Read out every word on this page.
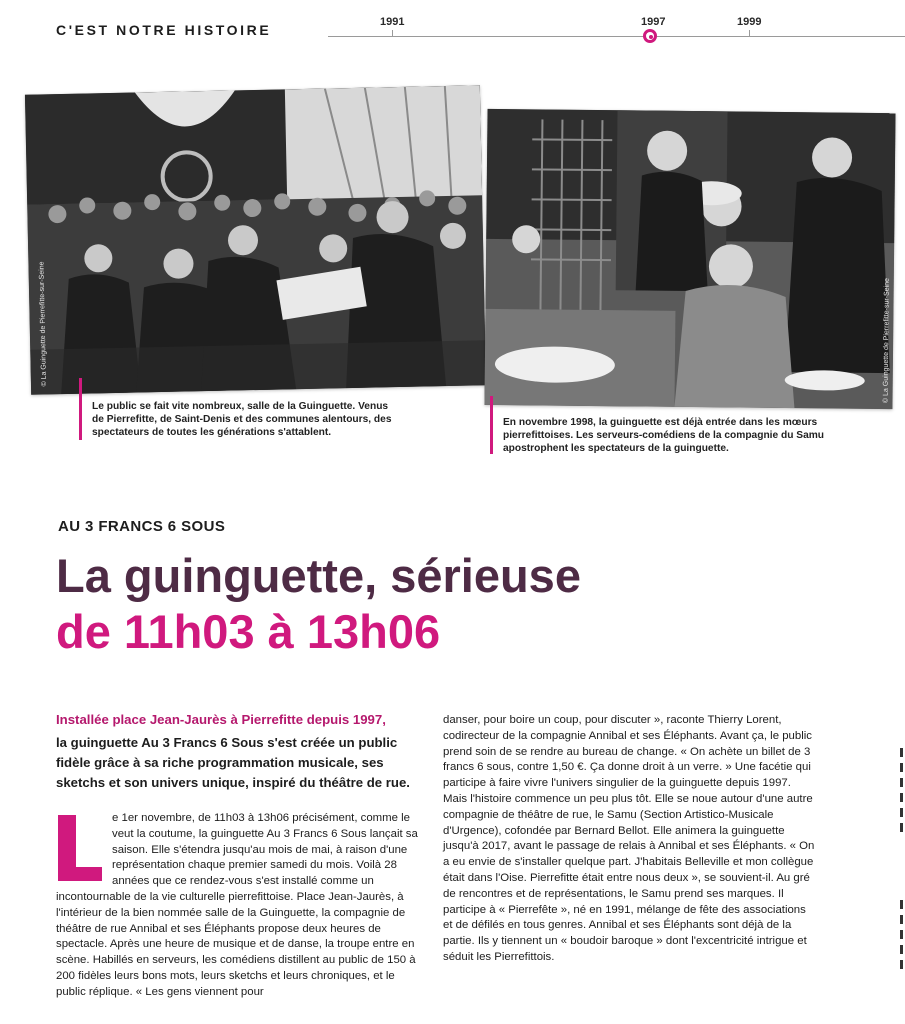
C'EST NOTRE HISTOIRE	1991	1997	1999
© La Guinguette de Pierrefitte-sur-Seine
Le public se fait vite nombreux, salle de la Guinguette. Venus de Pierrefitte, de Saint-Denis et des communes alentours, des spectateurs de toutes les générations s'attablent.
© La Guinguette de Pierrefitte-sur-Seine
En novembre 1998, la guinguette est déjà entrée dans les mœurs pierrefittoises. Les serveurs-comédiens de la compagnie du Samu apostrophent les spectateurs de la guinguette.
AU 3 FRANCS 6 SOUS
La guinguette, sérieuse
de 11h03 à 13h06
Installée place Jean-Jaurès à Pierrefitte depuis 1997,
la guinguette Au 3 Francs 6 Sous s'est créée un public fidèle grâce à sa riche programmation musicale, ses sketchs et son univers unique, inspiré du théâtre de rue.
e 1er novembre, de 11h03 à 13h06 précisément, comme le veut la coutume, la guinguette Au 3 Francs 6 Sous lançait sa saison. Elle s'étendra jusqu'au mois de mai, à raison d'une représentation chaque premier samedi du mois. Voilà 28 années que ce rendez-vous s'est installé comme un incontournable de la vie culturelle pierrefittoise. Place Jean-Jaurès, à l'intérieur de la bien nommée salle de la Guinguette, la compagnie de théâtre de rue Annibal et ses Éléphants propose deux heures de spectacle. Après une heure de musique et de danse, la troupe entre en scène. Habillés en serveurs, les comédiens distillent au public de 150 à 200 fidèles leurs bons mots, leurs sketchs et leurs chroniques, et le public réplique. « Les gens viennent pour

danser, pour boire un coup, pour discuter », raconte Thierry Lorent, codirecteur de la compagnie Annibal et ses Éléphants. Avant ça, le public prend soin de se rendre au bureau de change. « On achète un billet de 3 francs 6 sous, contre 1,50 €. Ça donne droit à un verre. » Une facétie qui participe à faire vivre l'univers singulier de la guinguette depuis 1997.

Mais l'histoire commence un peu plus tôt. Elle se noue autour d'une autre compagnie de théâtre de rue, le Samu (Section Artistico-Musicale d'Urgence), cofondée par Bernard Bellot. Elle animera la guinguette jusqu'à 2017, avant le passage de relais à Annibal et ses Éléphants. « On a eu envie de s'installer quelque part. J'habitais Belleville et mon collègue était dans l'Oise. Pierrefitte était entre nous deux », se souvient-il. Au gré de rencontres et de représentations, le Samu prend ses marques. Il participe à « Pierrefête », né en 1991, mélange de fête des associations et de défilés en tous genres. Annibal et ses Éléphants sont déjà de la partie. Ils y tiennent un « boudoir baroque » dont l'excentricité intrigue et séduit les Pierrefittois.
